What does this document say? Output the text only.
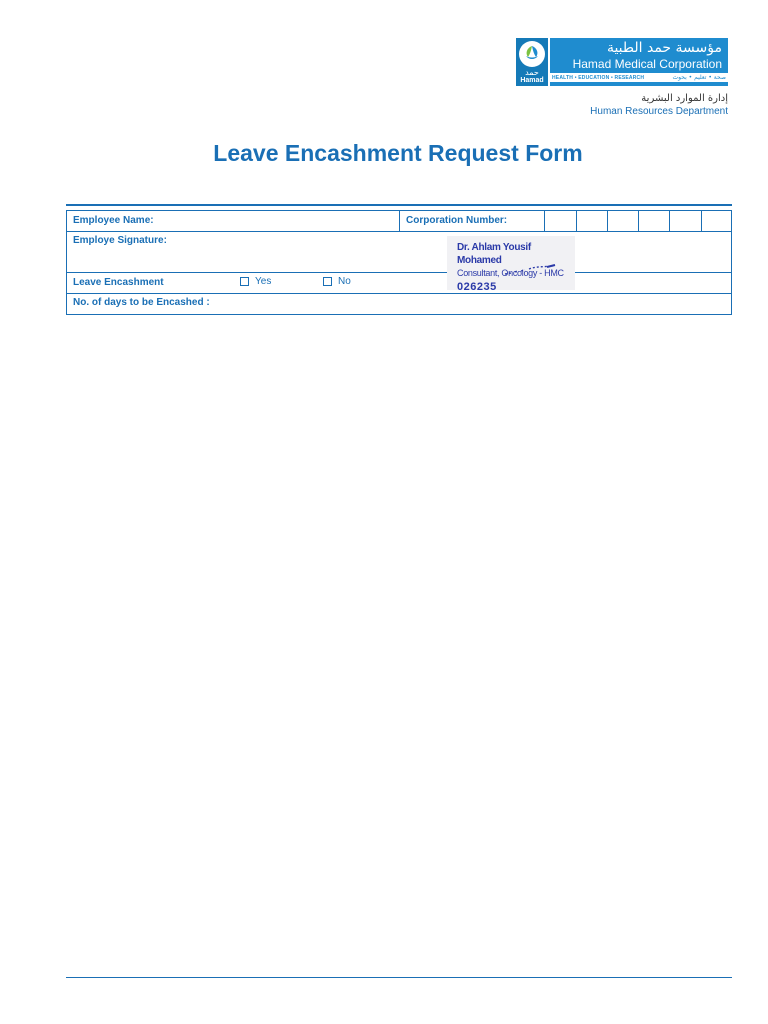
حمد
Hamad
مؤسسة حمد الطبية
Hamad Medical Corporation
HEALTH • EDUCATION • RESEARCH	صحة • تعليم • بحوث
إدارة الموارد البشرية
Human Resources Department
Leave Encashment Request Form
Employee Name:	Corporation Number:
Employe Signature:
Leave Encashment	Yes	No
No. of days to be Encashed :
Dr. Ahlam Yousif Mohamed
Consultant, Oncology - HMC
026235
